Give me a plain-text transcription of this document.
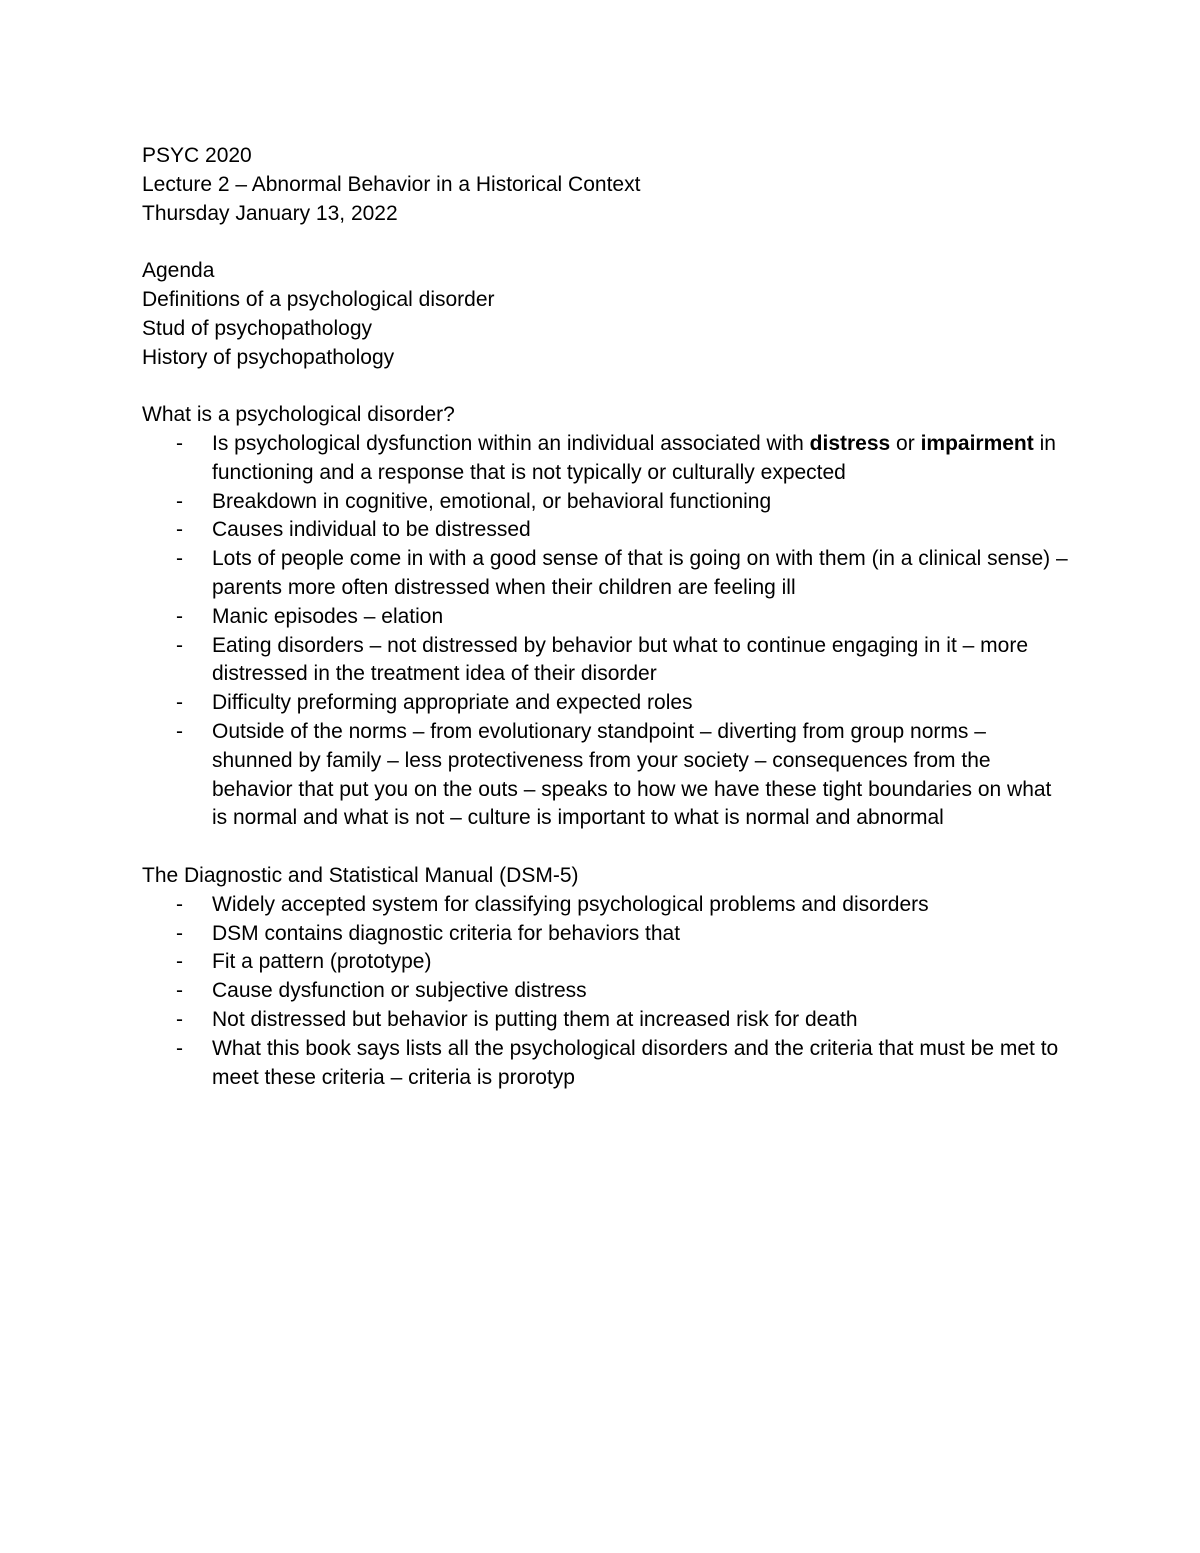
PSYC 2020
Lecture 2 – Abnormal Behavior in a Historical Context
Thursday January 13, 2022
Agenda
Definitions of a psychological disorder
Stud of psychopathology
History of psychopathology
What is a psychological disorder?
- Is psychological dysfunction within an individual associated with distress or impairment in functioning and a response that is not typically or culturally expected
- Breakdown in cognitive, emotional, or behavioral functioning
- Causes individual to be distressed
- Lots of people come in with a good sense of that is going on with them (in a clinical sense) – parents more often distressed when their children are feeling ill
- Manic episodes – elation
- Eating disorders – not distressed by behavior but what to continue engaging in it – more distressed in the treatment idea of their disorder
- Difficulty preforming appropriate and expected roles
- Outside of the norms – from evolutionary standpoint – diverting from group norms – shunned by family – less protectiveness from your society – consequences from the behavior that put you on the outs – speaks to how we have these tight boundaries on what is normal and what is not – culture is important to what is normal and abnormal
The Diagnostic and Statistical Manual (DSM-5)
- Widely accepted system for classifying psychological problems and disorders
- DSM contains diagnostic criteria for behaviors that
- Fit a pattern (prototype)
- Cause dysfunction or subjective distress
- Not distressed but behavior is putting them at increased risk for death
- What this book says lists all the psychological disorders and the criteria that must be met to meet these criteria – criteria is prorotyp
